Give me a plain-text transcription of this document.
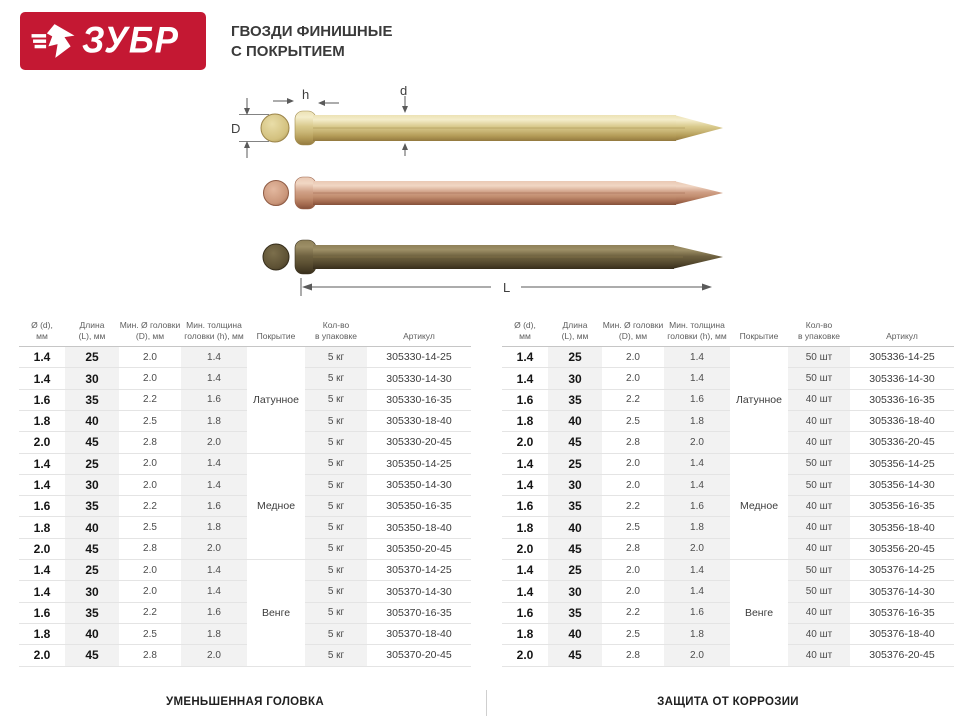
ЗУБР	ГВОЗДИ ФИНИШНЫЕ
С ПОКРЫТИЕМ
D
h	d
L
Ø (d),
мм

Длина
(L), мм

Мин. Ø головки
(D), мм

Мин. толщина
головки (h), мм	Покрытие

Кол-во
в упаковке	Артикул

1.4	25	2.0	1.4	Латунное	5 кг	305330-14-25
1.4	30	2.0	1.4		5 кг	305330-14-30
1.6	35	2.2	1.6		5 кг	305330-16-35
1.8	40	2.5	1.8		5 кг	305330-18-40
2.0	45	2.8	2.0		5 кг	305330-20-45
1.4	25	2.0	1.4	Медное	5 кг	305350-14-25
1.4	30	2.0	1.4		5 кг	305350-14-30
1.6	35	2.2	1.6		5 кг	305350-16-35
1.8	40	2.5	1.8		5 кг	305350-18-40
2.0	45	2.8	2.0		5 кг	305350-20-45
1.4	25	2.0	1.4	Венге	5 кг	305370-14-25
1.4	30	2.0	1.4		5 кг	305370-14-30
1.6	35	2.2	1.6		5 кг	305370-16-35
1.8	40	2.5	1.8		5 кг	305370-18-40
2.0	45	2.8	2.0		5 кг	305370-20-45
Ø (d),
мм

Длина
(L), мм

Мин. Ø головки
(D), мм

Мин. толщина
головки (h), мм	Покрытие

Кол-во
в упаковке	Артикул

1.4	25	2.0	1.4	Латунное	50 шт	305336-14-25
1.4	30	2.0	1.4		50 шт	305336-14-30
1.6	35	2.2	1.6		40 шт	305336-16-35
1.8	40	2.5	1.8		40 шт	305336-18-40
2.0	45	2.8	2.0		40 шт	305336-20-45
1.4	25	2.0	1.4	Медное	50 шт	305356-14-25
1.4	30	2.0	1.4		50 шт	305356-14-30
1.6	35	2.2	1.6		40 шт	305356-16-35
1.8	40	2.5	1.8		40 шт	305356-18-40
2.0	45	2.8	2.0		40 шт	305356-20-45
1.4	25	2.0	1.4	Венге	50 шт	305376-14-25
1.4	30	2.0	1.4		50 шт	305376-14-30
1.6	35	2.2	1.6		40 шт	305376-16-35
1.8	40	2.5	1.8		40 шт	305376-18-40
2.0	45	2.8	2.0		40 шт	305376-20-45
УМЕНЬШЕННАЯ ГОЛОВКА	ЗАЩИТА ОТ КОРРОЗИИ
